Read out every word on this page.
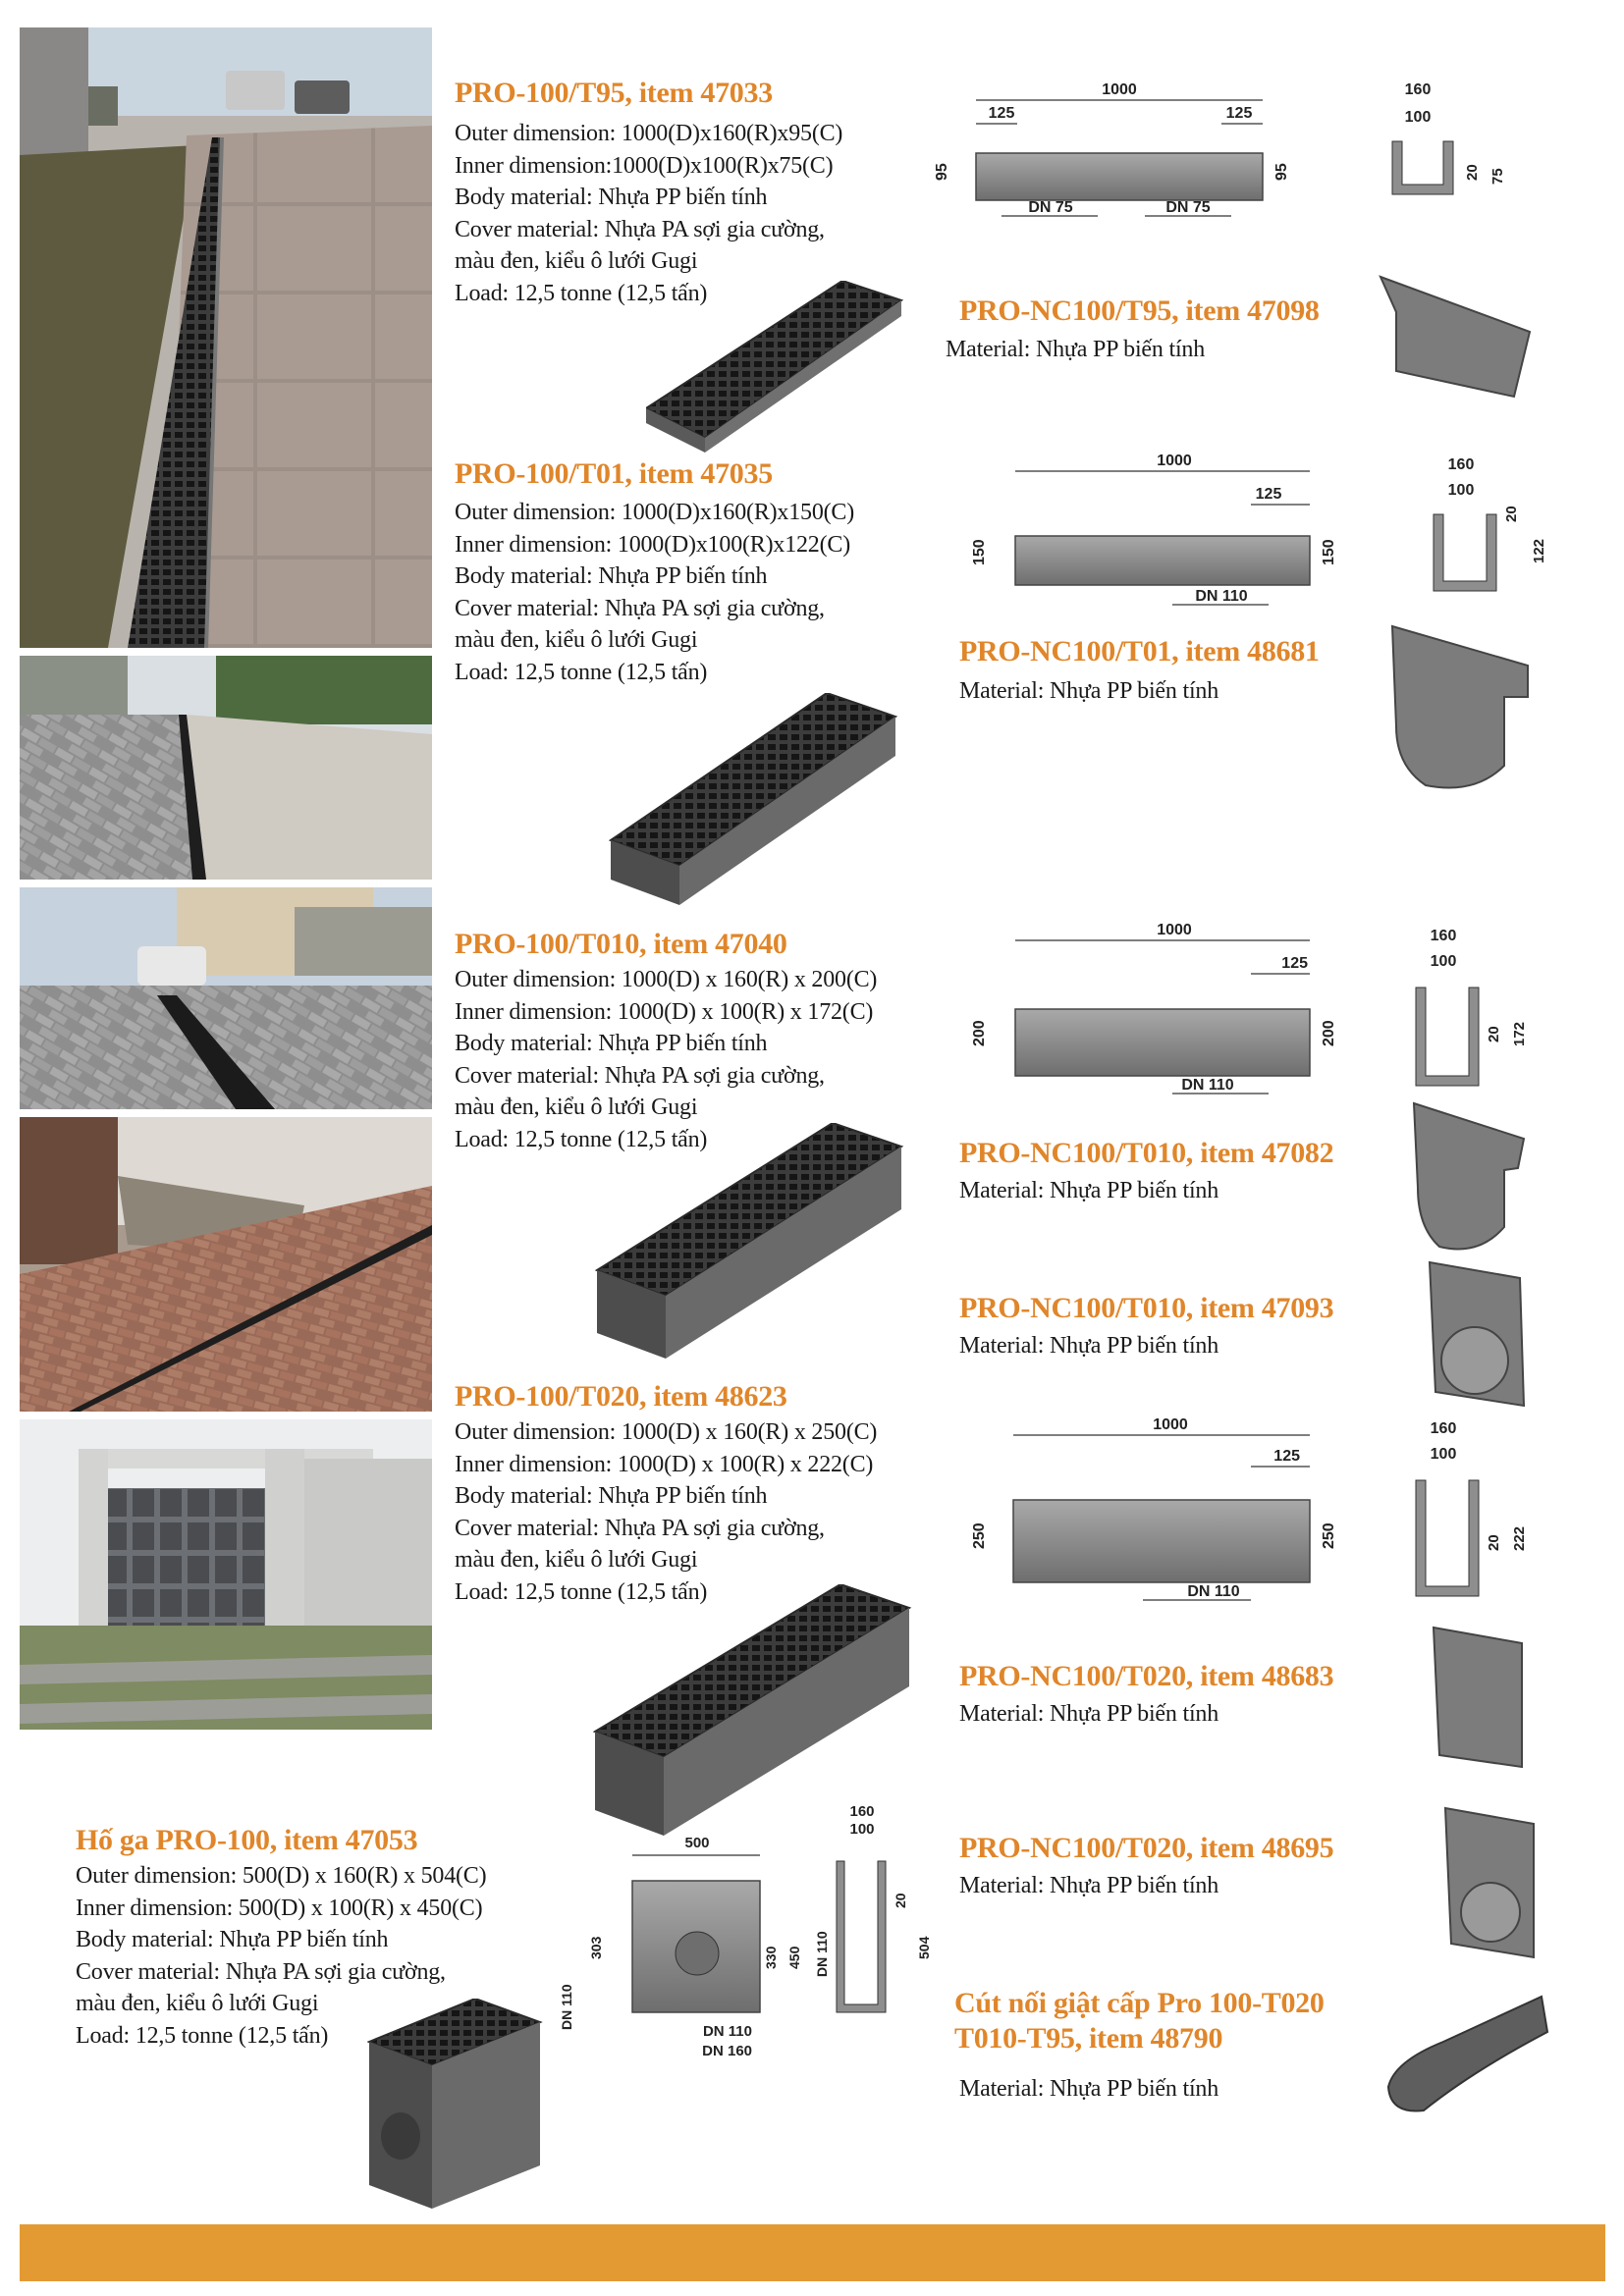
PRO-100/T95, item 47033
Outer dimension: 1000(D)x160(R)x95(C)
Inner dimension:1000(D)x100(R)x75(C)
Body material: Nhựa PP biến tính
Cover material: Nhựa PA sợi gia cường,
màu đen, kiểu ô lưới Gugi
Load: 12,5 tonne (12,5 tấn)
1000
125	125
95	95
DN 75	DN 75
160
100
20 75
PRO-NC100/T95, item 47098
Material: Nhựa PP biến tính
PRO-100/T01, item 47035
Outer dimension: 1000(D)x160(R)x150(C)
Inner dimension: 1000(D)x100(R)x122(C)
Body material: Nhựa PP biến tính
Cover material: Nhựa PA sợi gia cường,
màu đen, kiểu ô lưới Gugi
Load: 12,5 tonne (12,5 tấn)
1000
125
150	150
DN 110
160
100
20
122
PRO-NC100/T01, item 48681
Material: Nhựa PP biến tính
PRO-100/T010, item 47040
Outer dimension: 1000(D) x 160(R) x 200(C)
Inner dimension: 1000(D) x 100(R) x 172(C)
Body material: Nhựa PP biến tính
Cover material: Nhựa PA sợi gia cường,
màu đen, kiểu ô lưới Gugi
Load: 12,5 tonne (12,5 tấn)
1000
125
200	200
DN 110
160
100
20 172
PRO-NC100/T010, item 47082
Material: Nhựa PP biến tính
PRO-NC100/T010, item 47093
Material: Nhựa PP biến tính
PRO-100/T020, item 48623
Outer dimension: 1000(D) x 160(R) x 250(C)
Inner dimension: 1000(D) x 100(R) x 222(C)
Body material: Nhựa PP biến tính
Cover material: Nhựa PA sợi gia cường,
màu đen, kiểu ô lưới Gugi
Load: 12,5 tonne (12,5 tấn)
1000
125
250	250
DN 110
160
100
20 222
PRO-NC100/T020, item 48683
Material: Nhựa PP biến tính
PRO-NC100/T020, item 48695
Material: Nhựa PP biến tính
Hố ga PRO-100, item 47053
Outer dimension: 500(D) x 160(R) x 504(C)
Inner dimension: 500(D) x 100(R) x 450(C)
Body material: Nhựa PP biến tính
Cover material: Nhựa PA sợi gia cường,
màu đen, kiểu ô lưới Gugi
Load: 12,5 tonne (12,5 tấn)
500
303	330 450
DN 110
DN 110
DN 110
DN 160
160
100
20
504
Cút nối giật cấp Pro 100-T020
T010-T95, item 48790
Material: Nhựa PP biến tính
